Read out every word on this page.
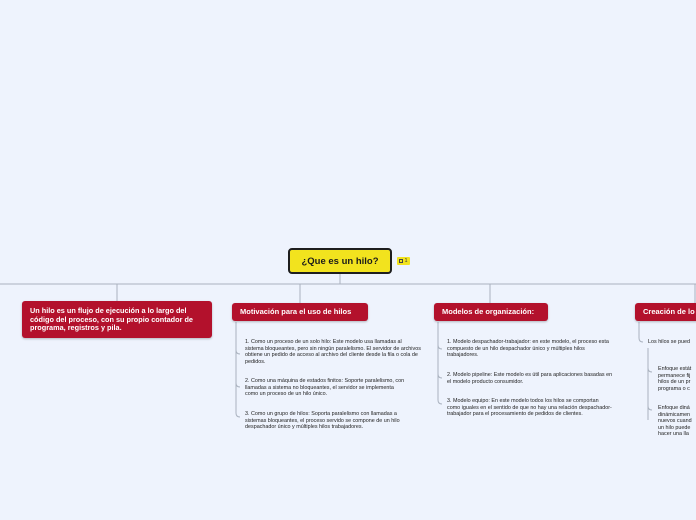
¿Que es un hilo?	1
Un hilo es un flujo de ejecución a lo largo del código del proceso, con su propio contador de programa, registros y pila.
Motivación para el uso de hilos
1. Como un proceso de un solo hilo: Este modelo usa llamadas al sistema bloqueantes, pero sin ningún paralelismo. El servidor de archivos obtiene un pedido de acceso al archivo del cliente desde la fila o cola de pedidos.
2. Como una máquina de estados finitos: Soporte paralelismo, con llamadas a sistema no bloqueantes, el servidor se implementa como un proceso de un hilo único.
3. Como un grupo de hilos: Soporta paralelismo con llamadas a sistemas bloqueantes, el proceso servido se compone de un hilo despachador único y múltiples hilos trabajadores.
Modelos de organización:
1. Modelo despachador-trabajador: en este modelo, el proceso esta compuesto de un hilo despachador único y múltiples hilos trabajadores.
2. Modelo pipeline: Este modelo es útil para aplicaciones basadas en el modelo producto consumidor.
3. Modelo equipo: En este modelo todos los hilos se comportan como iguales en el sentido de que no hay una relación despachador-trabajador para el procesamiento de pedidos de clientes.
Creación de lo
Los hilos se pued
Enfoque estát
permanece fij
hilos de un pr
programa o c
Enfoque diná
dinámicamen
nuevos cuand
un hilo puede
hacer una lla
